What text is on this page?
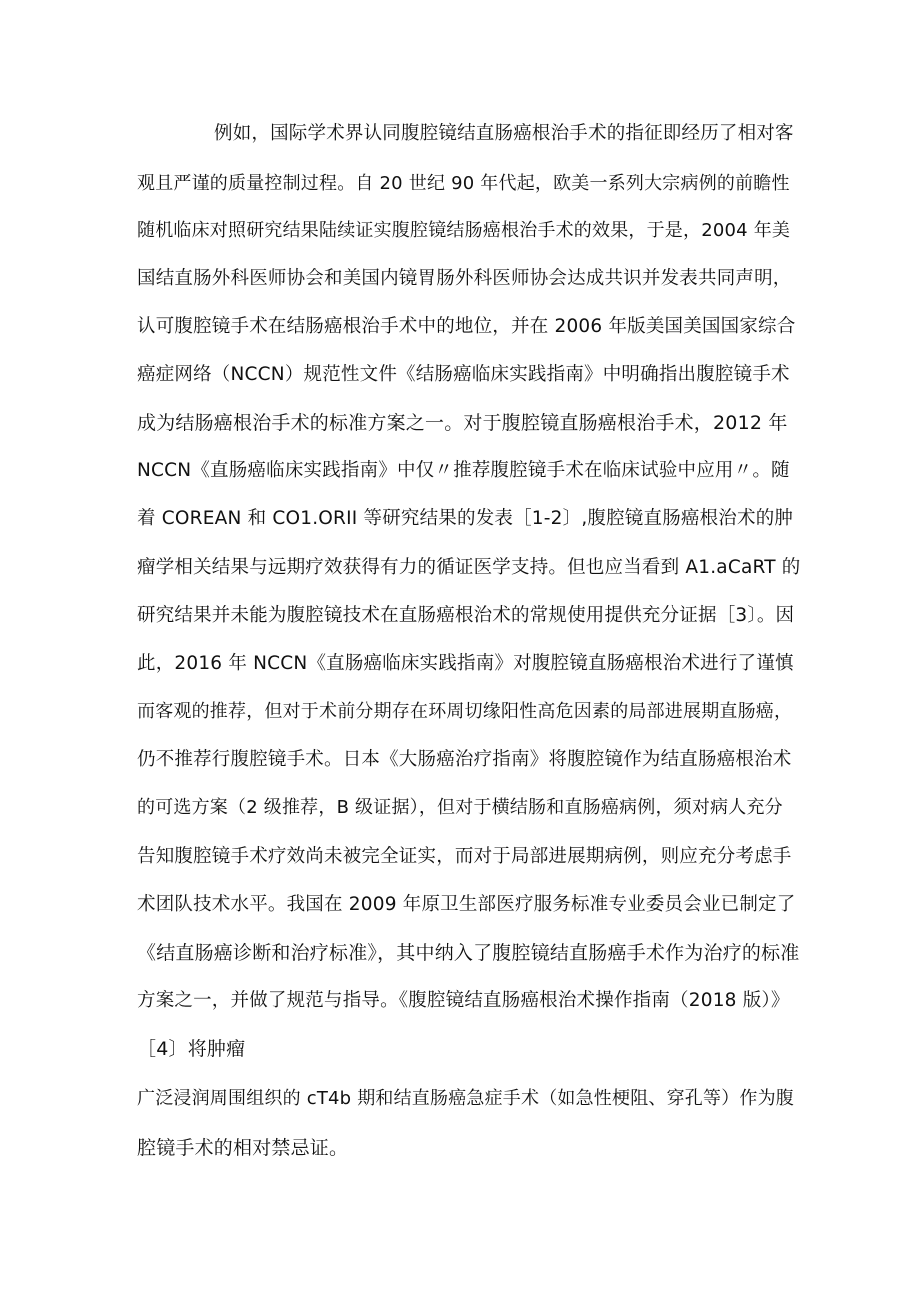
例如，国际学术界认同腹腔镜结直肠癌根治手术的指征即经历了相对客
观且严谨的质量控制过程。自 20 世纪 90 年代起，欧美一系列大宗病例的前瞻性
随机临床对照研究结果陆续证实腹腔镜结肠癌根治手术的效果，于是，2004 年美
国结直肠外科医师协会和美国内镜胃肠外科医师协会达成共识并发表共同声明，
认可腹腔镜手术在结肠癌根治手术中的地位，并在 2006 年版美国美国国家综合
癌症网络（NCCN）规范性文件《结肠癌临床实践指南》中明确指出腹腔镜手术
成为结肠癌根治手术的标准方案之一。对于腹腔镜直肠癌根治手术，2012 年
NCCN《直肠癌临床实践指南》中仅〃推荐腹腔镜手术在临床试验中应用〃。随
着 COREAN 和 CO1.ORII 等研究结果的发表［1-2〕,腹腔镜直肠癌根治术的肿
瘤学相关结果与远期疗效获得有力的循证医学支持。但也应当看到 A1.aCaRT 的
研究结果并未能为腹腔镜技术在直肠癌根治术的常规使用提供充分证据［3〕。因
此，2016 年 NCCN《直肠癌临床实践指南》对腹腔镜直肠癌根治术进行了谨慎
而客观的推荐，但对于术前分期存在环周切缘阳性高危因素的局部进展期直肠癌，
仍不推荐行腹腔镜手术。日本《大肠癌治疗指南》将腹腔镜作为结直肠癌根治术
的可选方案（2 级推荐，B 级证据），但对于横结肠和直肠癌病例，须对病人充分
告知腹腔镜手术疗效尚未被完全证实，而对于局部进展期病例，则应充分考虑手
术团队技术水平。我国在 2009 年原卫生部医疗服务标准专业委员会业已制定了
《结直肠癌诊断和治疗标准》，其中纳入了腹腔镜结直肠癌手术作为治疗的标准
方案之一，并做了规范与指导。《腹腔镜结直肠癌根治术操作指南（2018 版）》
［4〕将肿瘤
广泛浸润周围组织的 cT4b 期和结直肠癌急症手术（如急性梗阻、穿孔等）作为腹
腔镜手术的相对禁忌证。
